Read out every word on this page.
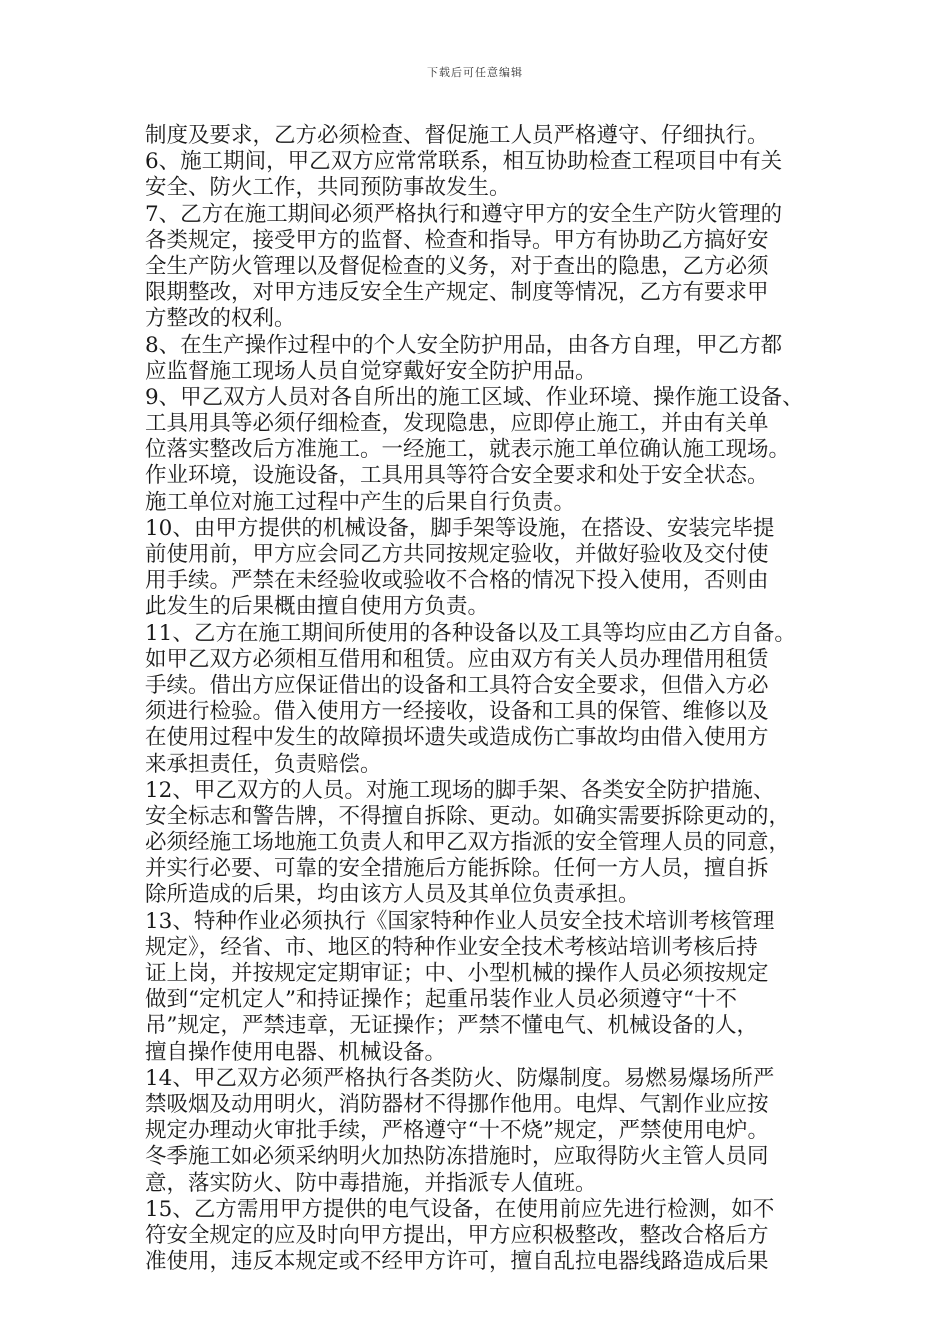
下载后可任意编辑
制度及要求，乙方必须检查、督促施工人员严格遵守、仔细执行。
6、施工期间，甲乙双方应常常联系，相互协助检查工程项目中有关
安全、防火工作，共同预防事故发生。
7、乙方在施工期间必须严格执行和遵守甲方的安全生产防火管理的
各类规定，接受甲方的监督、检查和指导。甲方有协助乙方搞好安
全生产防火管理以及督促检查的义务，对于查出的隐患，乙方必须
限期整改，对甲方违反安全生产规定、制度等情况，乙方有要求甲
方整改的权利。
8、在生产操作过程中的个人安全防护用品，由各方自理，甲乙方都
应监督施工现场人员自觉穿戴好安全防护用品。
9、甲乙双方人员对各自所出的施工区域、作业环境、操作施工设备、
工具用具等必须仔细检查，发现隐患，应即停止施工，并由有关单
位落实整改后方准施工。一经施工，就表示施工单位确认施工现场。
作业环境，设施设备，工具用具等符合安全要求和处于安全状态。
施工单位对施工过程中产生的后果自行负责。
10、由甲方提供的机械设备，脚手架等设施，在搭设、安装完毕提
前使用前，甲方应会同乙方共同按规定验收，并做好验收及交付使
用手续。严禁在未经验收或验收不合格的情况下投入使用，否则由
此发生的后果概由擅自使用方负责。
11、乙方在施工期间所使用的各种设备以及工具等均应由乙方自备。
如甲乙双方必须相互借用和租赁。应由双方有关人员办理借用租赁
手续。借出方应保证借出的设备和工具符合安全要求，但借入方必
须进行检验。借入使用方一经接收，设备和工具的保管、维修以及
在使用过程中发生的故障损坏遗失或造成伤亡事故均由借入使用方
来承担责任，负责赔偿。
12、甲乙双方的人员。对施工现场的脚手架、各类安全防护措施、
安全标志和警告牌，不得擅自拆除、更动。如确实需要拆除更动的，
必须经施工场地施工负责人和甲乙双方指派的安全管理人员的同意，
并实行必要、可靠的安全措施后方能拆除。任何一方人员，擅自拆
除所造成的后果，均由该方人员及其单位负责承担。
13、特种作业必须执行《国家特种作业人员安全技术培训考核管理
规定》，经省、市、地区的特种作业安全技术考核站培训考核后持
证上岗，并按规定定期审证；中、小型机械的操作人员必须按规定
做到“定机定人”和持证操作；起重吊装作业人员必须遵守“十不
吊”规定，严禁违章，无证操作；严禁不懂电气、机械设备的人，
擅自操作使用电器、机械设备。
14、甲乙双方必须严格执行各类防火、防爆制度。易燃易爆场所严
禁吸烟及动用明火，消防器材不得挪作他用。电焊、气割作业应按
规定办理动火审批手续，严格遵守“十不烧”规定，严禁使用电炉。
冬季施工如必须采纳明火加热防冻措施时，应取得防火主管人员同
意，落实防火、防中毒措施，并指派专人值班。
15、乙方需用甲方提供的电气设备，在使用前应先进行检测，如不
符安全规定的应及时向甲方提出，甲方应积极整改，整改合格后方
准使用，违反本规定或不经甲方许可，擅自乱拉电器线路造成后果
